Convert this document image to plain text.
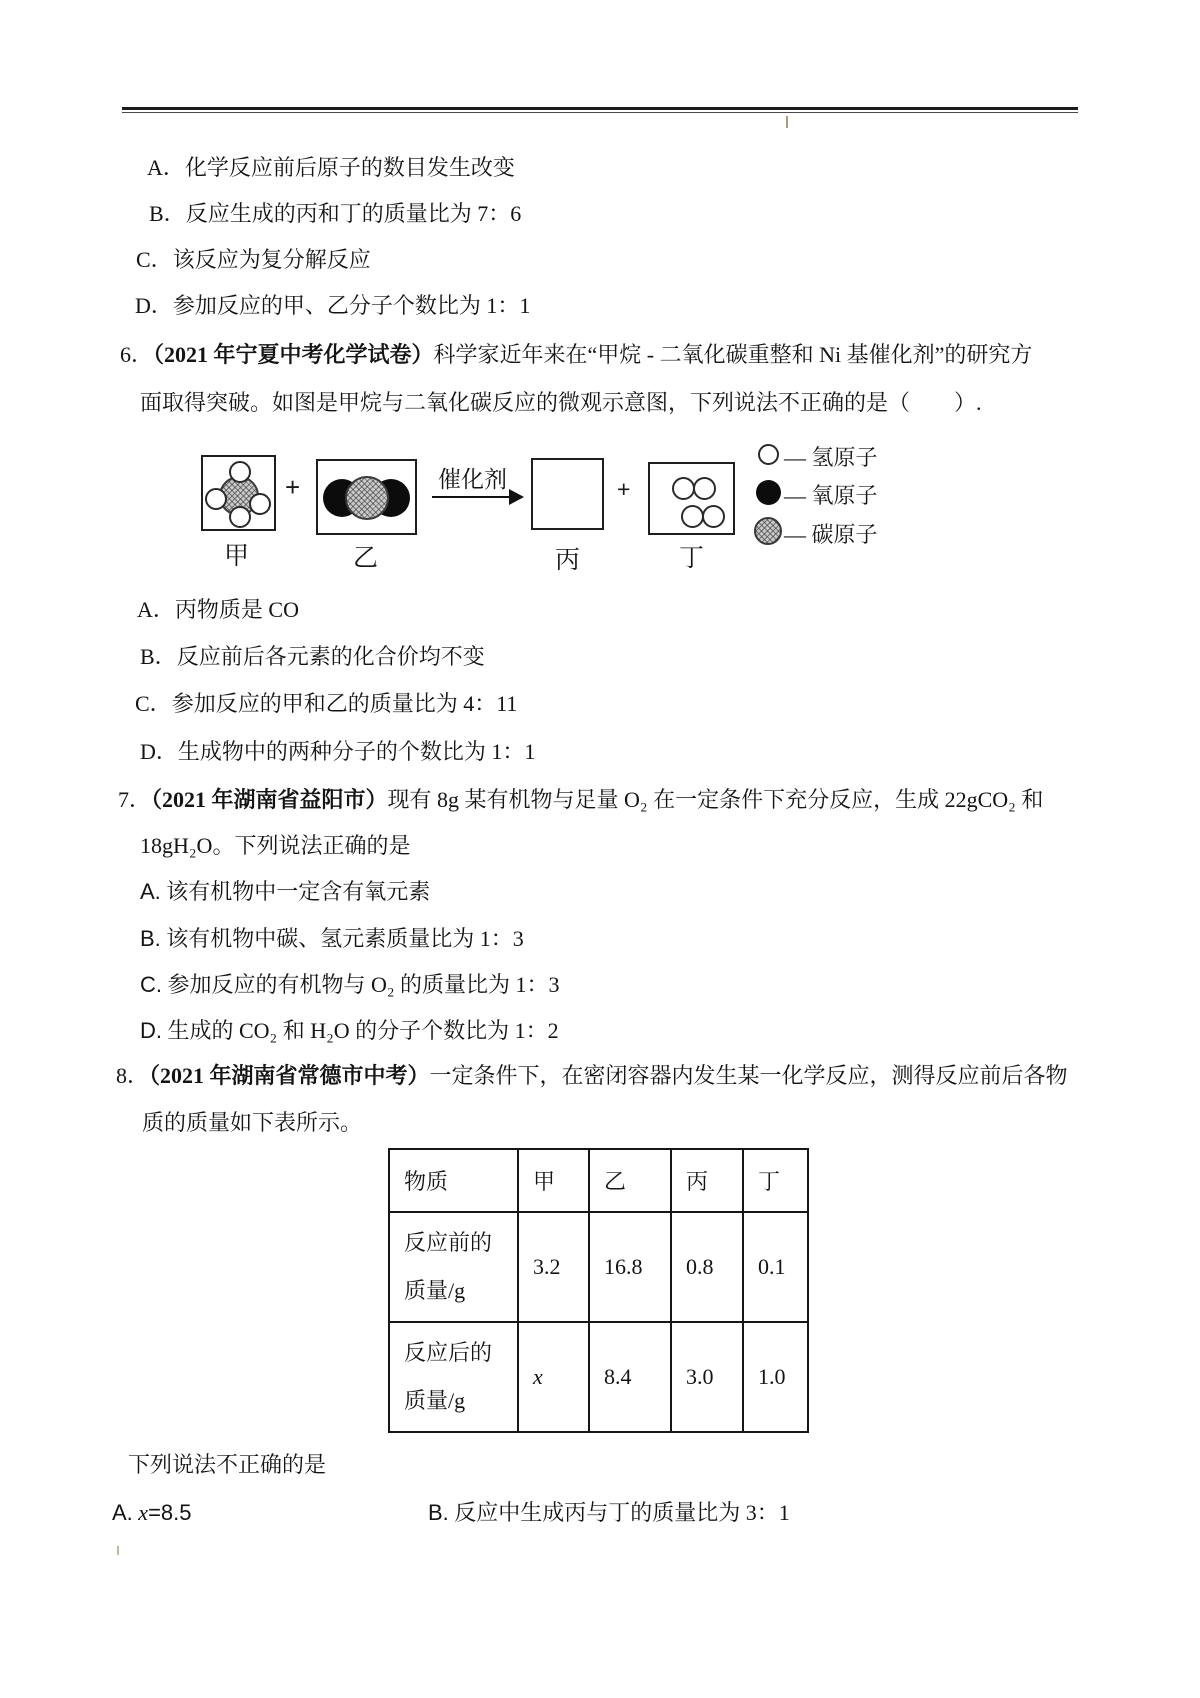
A．化学反应前后原子的数目发生改变
B．反应生成的丙和丁的质量比为 7：6
C．该反应为复分解反应
D．参加反应的甲、乙分子个数比为 1：1
6．（2021 年宁夏中考化学试卷）科学家近年来在“甲烷 - 二氧化碳重整和 Ni 基催化剂”的研究方
面取得突破。如图是甲烷与二氧化碳反应的微观示意图，下列说法不正确的是（　　）.
+	催化剂	+
甲	乙	丙	丁
— 氢原子
— 氧原子
— 碳原子
A．丙物质是 CO
B．反应前后各元素的化合价均不变
C．参加反应的甲和乙的质量比为 4：11
D．生成物中的两种分子的个数比为 1：1
7．（2021 年湖南省益阳市）现有 8g 某有机物与足量 O₂ 在一定条件下充分反应，生成 22gCO₂ 和
18gH₂O。下列说法正确的是
A. 该有机物中一定含有氧元素
B. 该有机物中碳、氢元素质量比为 1：3
C. 参加反应的有机物与 O₂ 的质量比为 1：3
D. 生成的 CO₂ 和 H₂O 的分子个数比为 1：2
8．（2021 年湖南省常德市中考）一定条件下，在密闭容器内发生某一化学反应，测得反应前后各物
质的质量如下表所示。
物质	甲	乙	丙	丁
反应前的质量/g	3.2	16.8	0.8	0.1
反应后的质量/g	x	8.4	3.0	1.0
下列说法不正确的是
A. x=8.5	B. 反应中生成丙与丁的质量比为 3：1
